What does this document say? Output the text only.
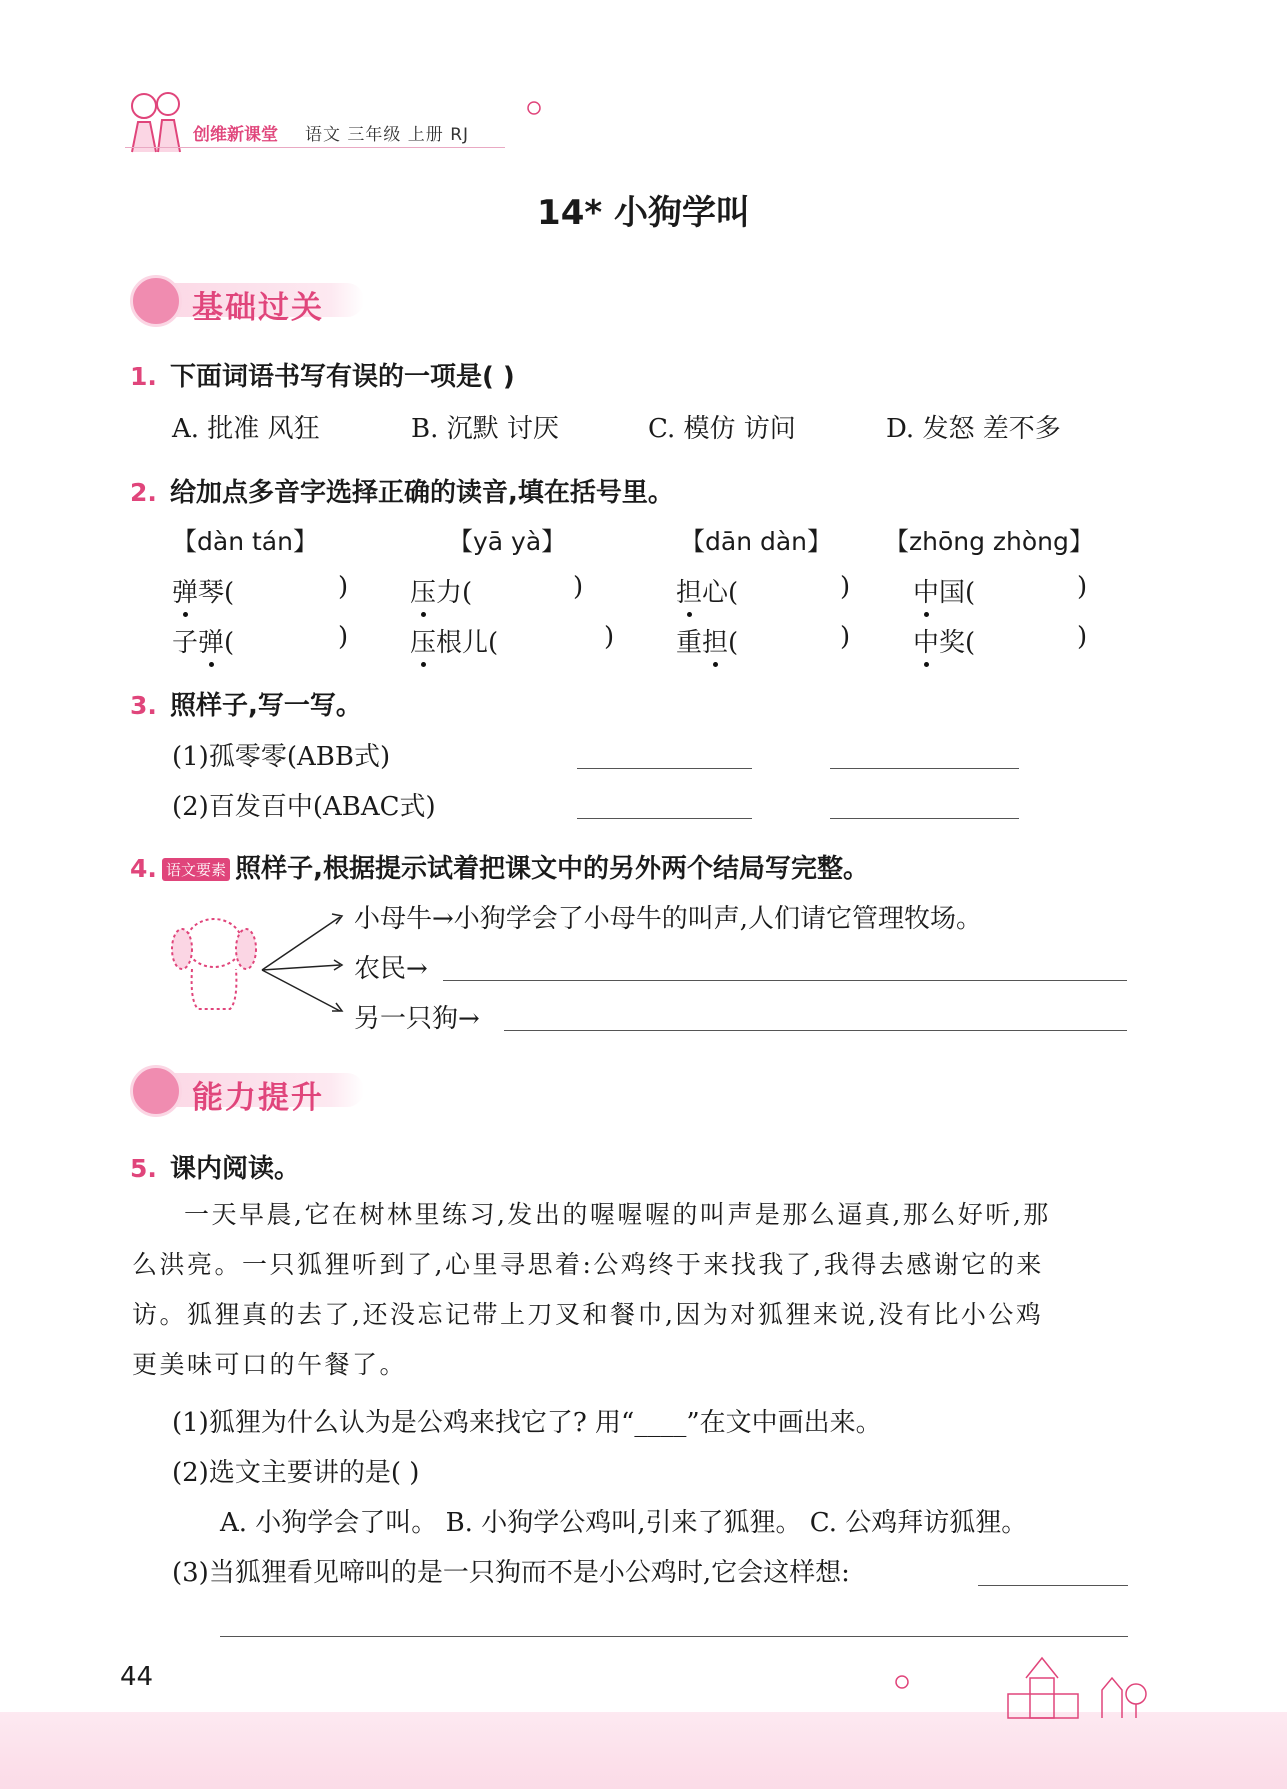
创维新课堂 语文 三年级 上册 RJ
14* 小狗学叫
基础过关
1. 下面词语书写有误的一项是( )
A. 批准 风狂	B. 沉默 讨厌	C. 模仿 访问	D. 发怒 差不多
2. 给加点多音字选择正确的读音,填在括号里。
【dàn tán】	【yā yà】	【dān dàn】 【zhōng zhòng】
弹琴(	) 压力(	)	担心(	) 中国(	)
子弹(	) 压根儿(	) 重担(	) 中奖(	)
3. 照样子,写一写。
(1)孤零零(ABB式)
(2)百发百中(ABAC式)
4. 语文要素 照样子,根据提示试着把课文中的另外两个结局写完整。
小母牛→小狗学会了小母牛的叫声,人们请它管理牧场。
农民→
另一只狗→
能力提升
5. 课内阅读。
一天早晨,它在树林里练习,发出的喔喔喔的叫声是那么逼真,那么好听,那
么洪亮。一只狐狸听到了,心里寻思着:公鸡终于来找我了,我得去感谢它的来
访。狐狸真的去了,还没忘记带上刀叉和餐巾,因为对狐狸来说,没有比小公鸡
更美味可口的午餐了。
(1)狐狸为什么认为是公鸡来找它了? 用“____”在文中画出来。
(2)选文主要讲的是( )
A. 小狗学会了叫。 B. 小狗学公鸡叫,引来了狐狸。 C. 公鸡拜访狐狸。
(3)当狐狸看见啼叫的是一只狗而不是小公鸡时,它会这样想:
44
